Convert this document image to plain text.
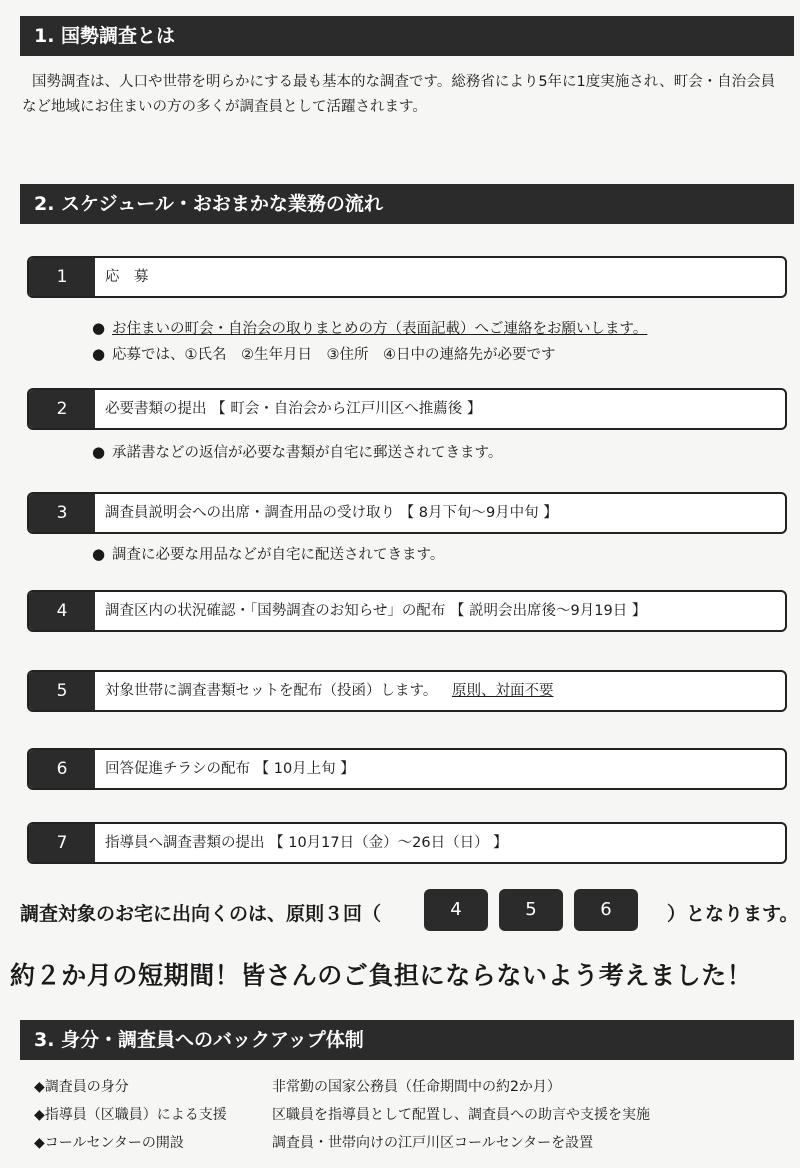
1. 国勢調査とは
国勢調査は、人口や世帯を明らかにする最も基本的な調査です。総務省により5年に1度実施され、町会・自治会員など地域にお住まいの方の多くが調査員として活躍されます。
2. スケジュール・おおまかな業務の流れ
1	応　募
● お住まいの町会・自治会の取りまとめの方（表面記載）へご連絡をお願いします。
● 応募では、①氏名　②生年月日　③住所　④日中の連絡先が必要です
2	必要書類の提出 【 町会・自治会から江戸川区へ推薦後 】
● 承諾書などの返信が必要な書類が自宅に郵送されてきます。
3	調査員説明会への出席・調査用品の受け取り 【 8月下旬～9月中旬 】
● 調査に必要な用品などが自宅に配送されてきます。
4	調査区内の状況確認・「国勢調査のお知らせ」の配布 【 説明会出席後～9月19日 】
5	対象世帯に調査書類セットを配布（投函）します。 原則、対面不要
6	回答促進チラシの配布 【 10月上旬 】
7	指導員へ調査書類の提出 【 10月17日（金）～26日（日） 】
調査対象のお宅に出向くのは、原則３回（	4	5	6	）となります。
約２か月の短期間！皆さんのご負担にならないよう考えました！
3. 身分・調査員へのバックアップ体制
◆調査員の身分	非常勤の国家公務員（任命期間中の約2か月）
◆指導員（区職員）による支援	区職員を指導員として配置し、調査員への助言や支援を実施
◆コールセンターの開設	調査員・世帯向けの江戸川区コールセンターを設置
